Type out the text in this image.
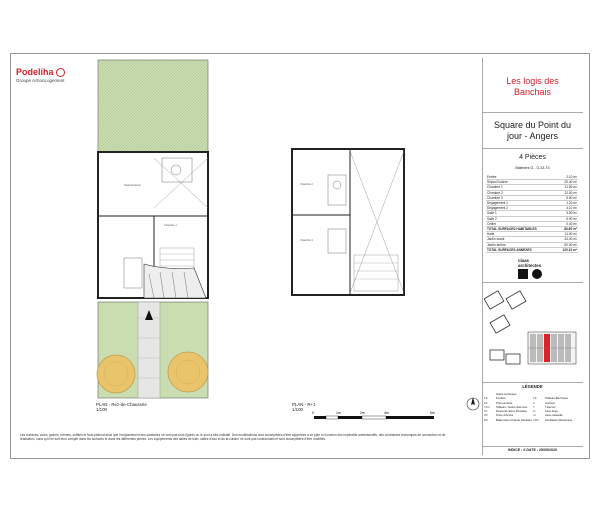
Podeliha
Groupe ActionLogement	Les logis des
Banchais
Square du Point du
jour - Angers
4 Pièces
Bâtiment G - G.33-T4
Entrée	2.10 m²
Séjour/Cuisine	29.40 m²
Chambre 1	11.80 m²
Chambre 2	12.00 m²
Chambre 3	9.60 m²
Dégagement 1	1.20 m²
Dégagement 2	4.10 m²
Salle 1	3.50 m²
Salle 2	5.90 m²
Cellier	0.40 m²
TOTAL SURFACES HABITABLES	80.60 m²
Halle	11.00 m²
Jardin avant	34.40 m²
Jardin arrière	50.50 m²
TOTAL SURFACES ANNEXES	120.10 m²
claas
architectes
LÉGENDE
Gaine technique
FE	Fenêtre	TE	Tableau Électrique
PF	Porte-fenêtre	C	Cuisson
TAG	Tableau / Gaine Abonnés T	Télécom
ST	Descente Eaux Pluviales LL	Lave-linge
DP	Porte d'Accès	LV	Lave-vaisselle
BS	Ballon Eau Chaude Sanitaire VMC	Ventilation Mécanique
INDICE : 0 DATE : 25/05/2020
Séjour/Cuisine
Chambre 1
PLAN - Rez-de-Chaussée
1/100
Chambre 2
Chambre 3
PLAN - R+1
1/100
0	1m	2m	4m	6m
Les surfaces, cotes, gaines, trémies, soffites et faux-plafond ainsi que l'emplacement des sanitaires ne sont pas tous figurés ou le sont à titre indicatif. Des modifications sont susceptibles d'être apportées à ce plan en fonction des impératifs administratifs, des contraintes techniques de conception et de réalisation, sans qu'il en soit tenu compte dans les surfaces et dans les différentes pièces. Les équipements des salles de bain, salles d'eau et de la cuisine ne sont pas contractuels et sont susceptibles d'être modifiés.
